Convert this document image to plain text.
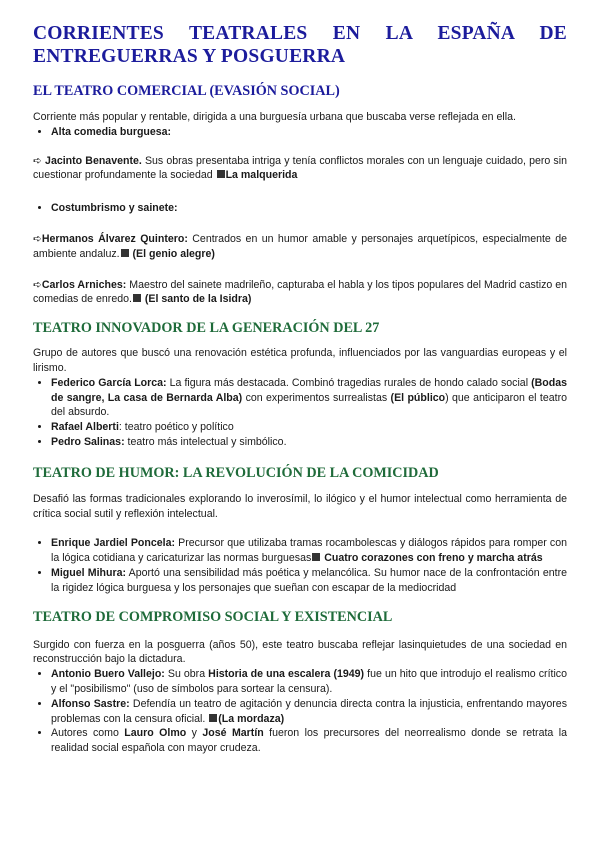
CORRIENTES TEATRALES EN LA ESPAÑA DE ENTREGUERRAS Y POSGUERRA
EL TEATRO COMERCIAL (EVASIÓN SOCIAL)

Corriente más popular y rentable, dirigida a una burguesía urbana que buscaba verse reflejada en ella.

• Alta comedia burguesa:

➪ Jacinto Benavente. Sus obras presentaba intriga y tenía conflictos morales con un lenguaje cuidado, pero sin cuestionar profundamente la sociedad La malquerida

• Costumbrismo y sainete:

➪Hermanos Álvarez Quintero: Centrados en un humor amable y personajes arquetípicos, especialmente de ambiente andaluz. (El genio alegre)

➪Carlos Arniches: Maestro del sainete madrileño, capturaba el habla y los tipos populares del Madrid castizo en comedias de enredo. (El santo de la Isidra)

TEATRO INNOVADOR DE LA GENERACIÓN DEL 27

Grupo de autores que buscó una renovación estética profunda, influenciados por las vanguardias europeas y el lirismo.

• Federico García Lorca: La figura más destacada. Combinó tragedias rurales de hondo calado social (Bodas de sangre, La casa de Bernarda Alba) con experimentos surrealistas (El público) que anticiparon el teatro del absurdo.
• Rafael Alberti: teatro poético y político
• Pedro Salinas: teatro más intelectual y simbólico.
TEATRO DE HUMOR: LA REVOLUCIÓN DE LA COMICIDAD

Desafió las formas tradicionales explorando lo inverosímil, lo ilógico y el humor intelectual como herramienta de crítica social sutil y reflexión intelectual.

• Enrique Jardiel Poncela: Precursor que utilizaba tramas rocambolescas y diálogos rápidos para romper con la lógica cotidiana y caricaturizar las normas burguesas Cuatro corazones con freno y marcha atrás
• Miguel Mihura: Aportó una sensibilidad más poética y melancólica. Su humor nace de la confrontación entre la rigidez lógica burguesa y los personajes que sueñan con escapar de la mediocridad
TEATRO DE COMPROMISO SOCIAL Y EXISTENCIAL

Surgido con fuerza en la posguerra (años 50), este teatro buscaba reflejar lasinquietudes de una sociedad en reconstrucción bajo la dictadura.

• Antonio Buero Vallejo: Su obra Historia de una escalera (1949) fue un hito que introdujo el realismo crítico y el "posibilismo" (uso de símbolos para sortear la censura).
• Alfonso Sastre: Defendía un teatro de agitación y denuncia directa contra la injusticia, enfrentando mayores problemas con la censura oficial. (La mordaza)
• Autores como Lauro Olmo y José Martín fueron los precursores del neorrealismo donde se retrata la realidad social española con mayor crudeza.
